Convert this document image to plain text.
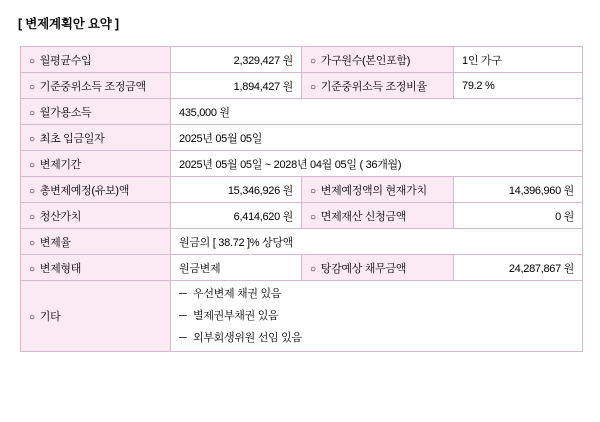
[ 변제계획안 요약 ]
○ 월평균수입	2,329,427 원	○ 가구원수(본인포함)	1인 가구
○ 기준중위소득 조정금액	1,894,427 원	○ 기준중위소득 조정비율	79.2 %
○ 월가용소득	435,000 원		
○ 최초 입금일자	2025년 05월 05일		
○ 변제기간	2025년 05월 05일 ~ 2028년 04월 05일 ( 36개월)		
○ 총변제예정(유보)액	15,346,926 원	○ 변제예정액의 현재가치	14,396,960 원
○ 청산가치	6,414,620 원	○ 면제재산 신청금액	0 원
○ 변제율	원금의 [ 38.72 ]% 상당액		
○ 변제형태	원금변제	○ 탕감예상 채무금액	24,287,867 원
○ 기타	─ 우선변제 채권 있음
─ 별제권부채권 있음
─ 외부회생위원 선임 있음		
